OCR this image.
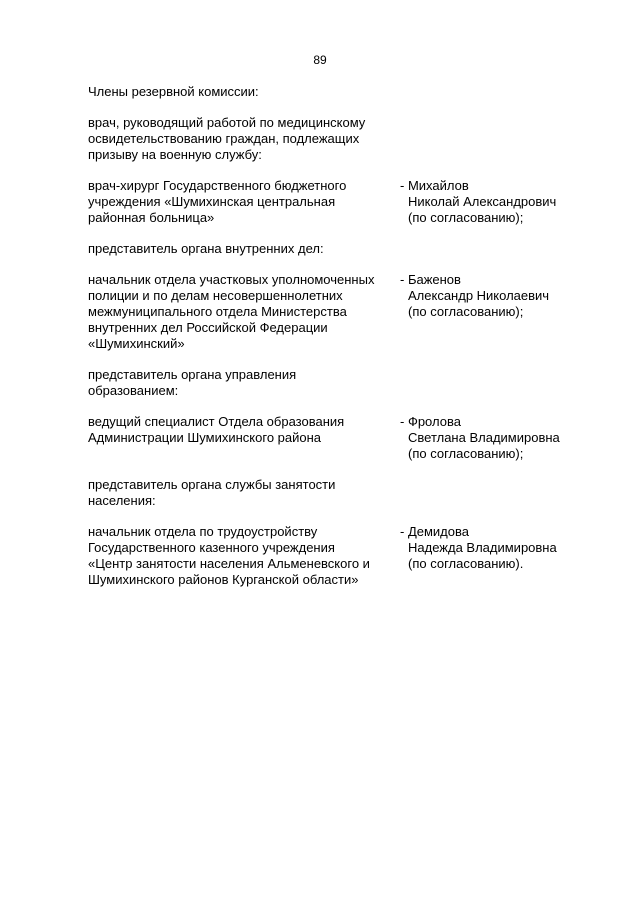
89

Члены резервной комиссии:

врач, руководящий работой по медицинскому
освидетельствованию граждан, подлежащих
призыву на военную службу:
врач-хирург Государственного бюджетного
учреждения «Шумихинская центральная
районная больница»
- Михайлов
Николай Александрович
(по согласованию);
представитель органа внутренних дел:
начальник отдела участковых уполномоченных
полиции и по делам несовершеннолетних
межмуниципального отдела Министерства
внутренних дел Российской Федерации
«Шумихинский»
- Баженов
Александр Николаевич
(по согласованию);
представитель органа управления
образованием:
ведущий специалист Отдела образования
Администрации Шумихинского района
- Фролова
Светлана Владимировна
(по согласованию);
представитель органа службы занятости
населения:
начальник отдела по трудоустройству
Государственного казенного учреждения
«Центр занятости населения Альменевского и
Шумихинского районов Курганской области»
- Демидова
Надежда Владимировна
(по согласованию).
